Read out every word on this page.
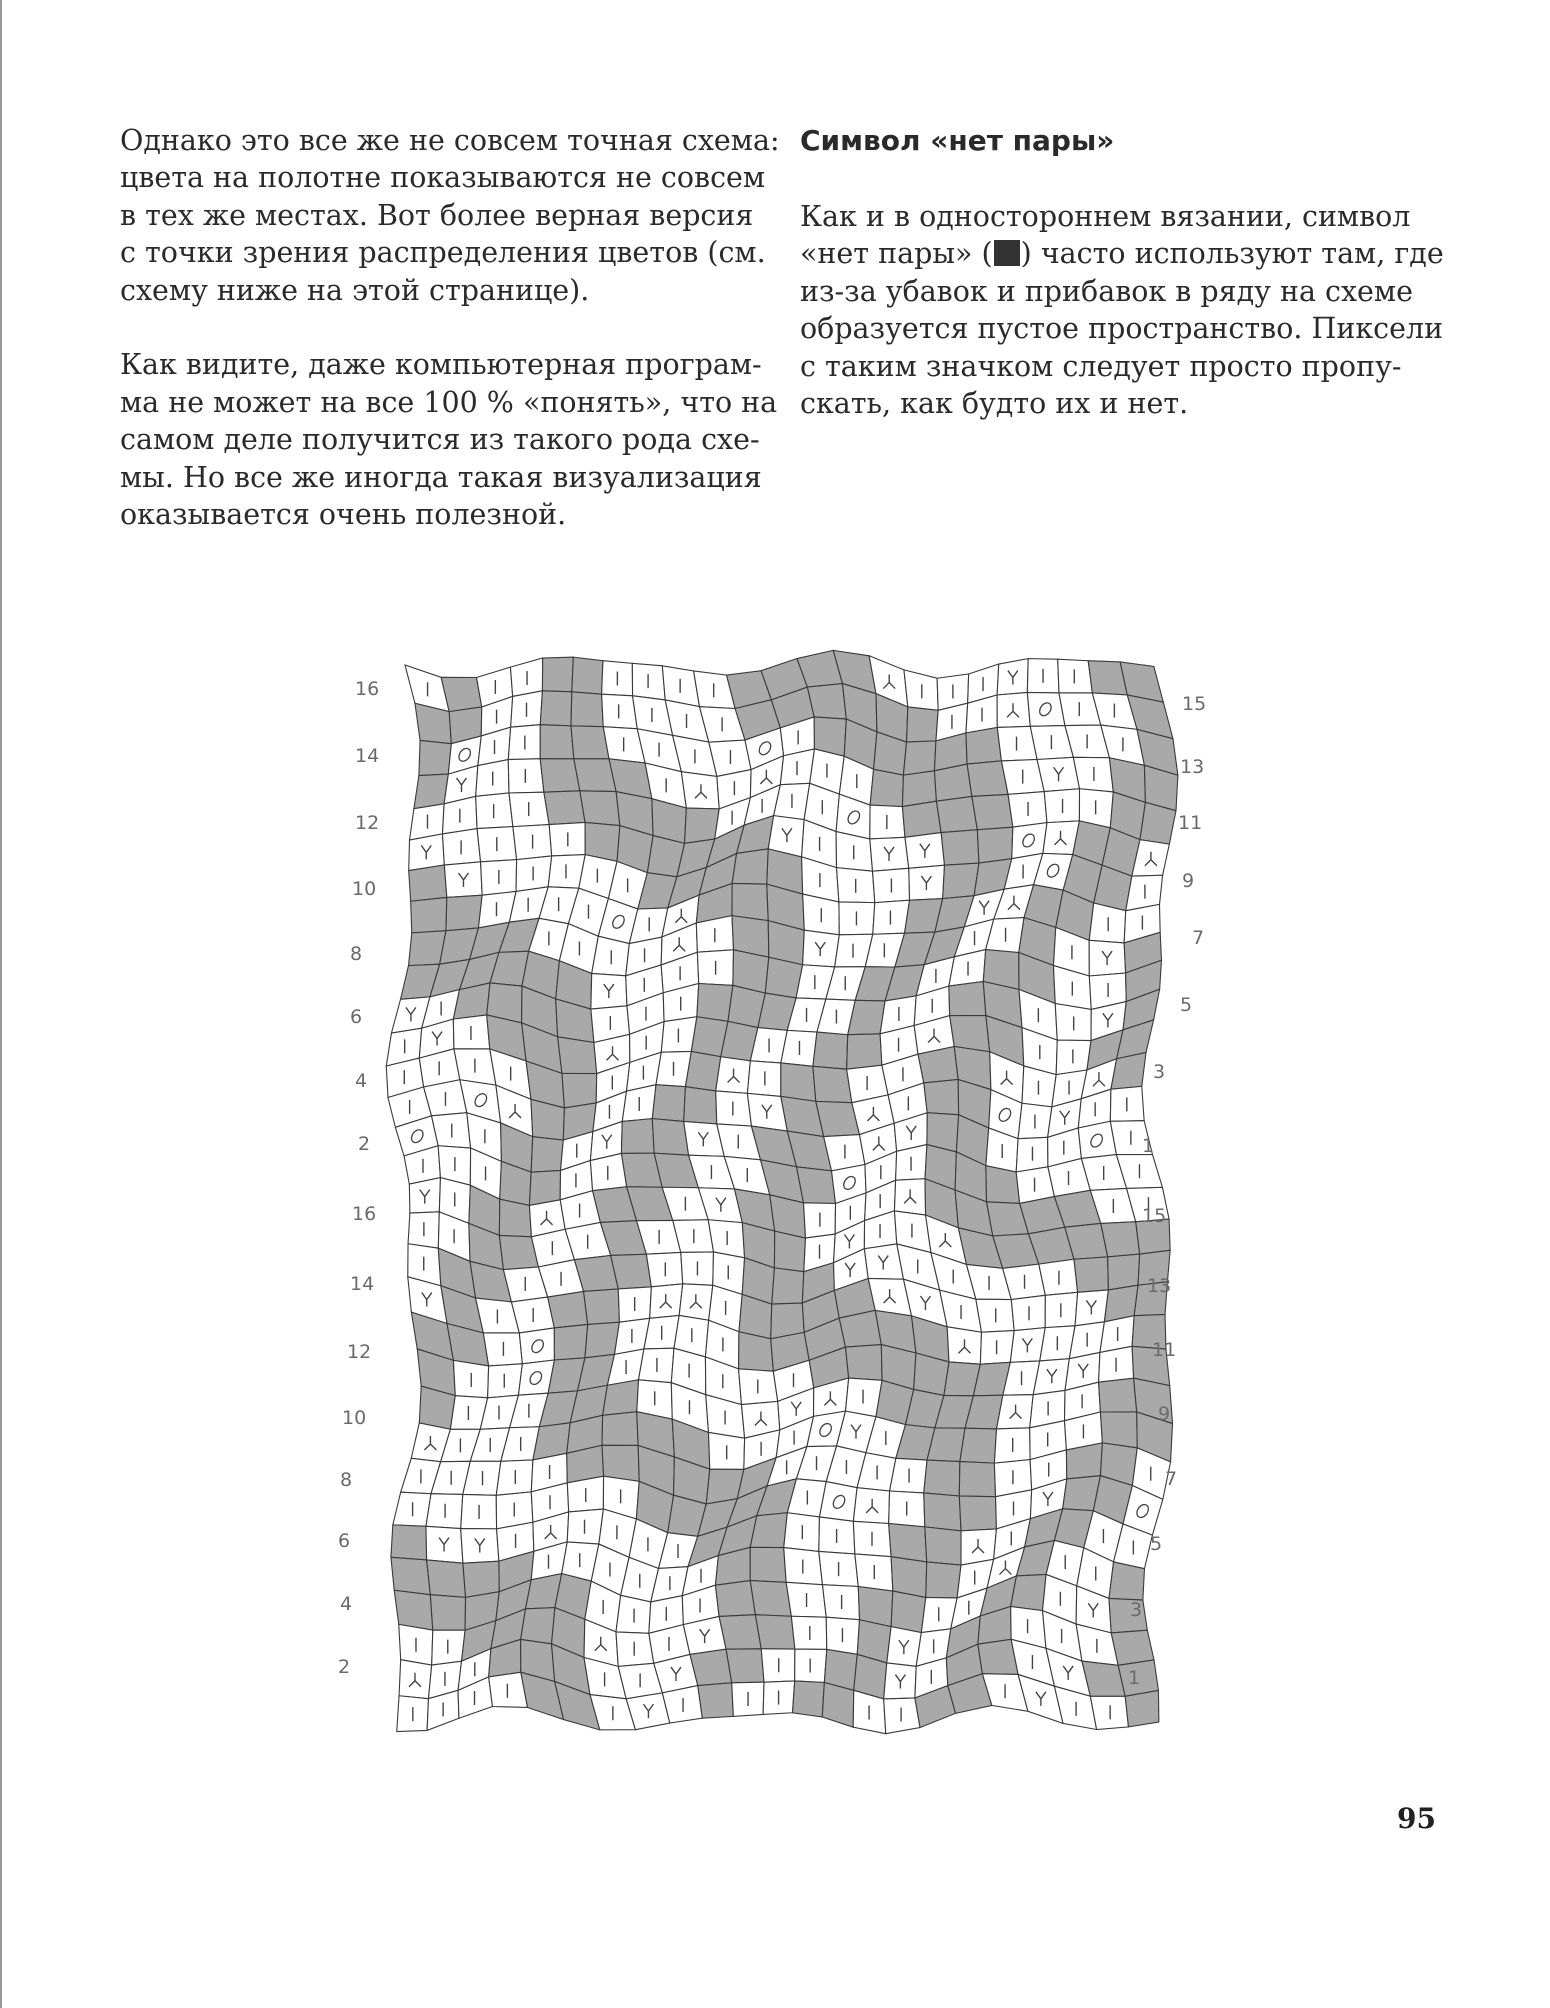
Однако это все же не совсем точная схема:
цвета на полотне показываются не совсем
в тех же местах. Вот более верная версия
с точки зрения распределения цветов (см.
схему ниже на этой странице).

Как видите, даже компьютерная програм-
ма не может на все 100 % «понять», что на
самом деле получится из такого рода схе-
мы. Но все же иногда такая визуализация
оказывается очень полезной.

Символ «нет пары»

Как и в одностороннем вязании, символ
«нет пары» ( ) часто используют там, где
из-за убавок и прибавок в ряду на схеме
образуется пустое пространство. Пиксели
с таким значком следует просто пропу-
скать, как будто их и нет.

16
14
12
10
8
6
4
2
16
14
12
10
8
6
4
2
15
13
11
9
7
5
3
1
15
13
11
9
7
5
3
1
95
